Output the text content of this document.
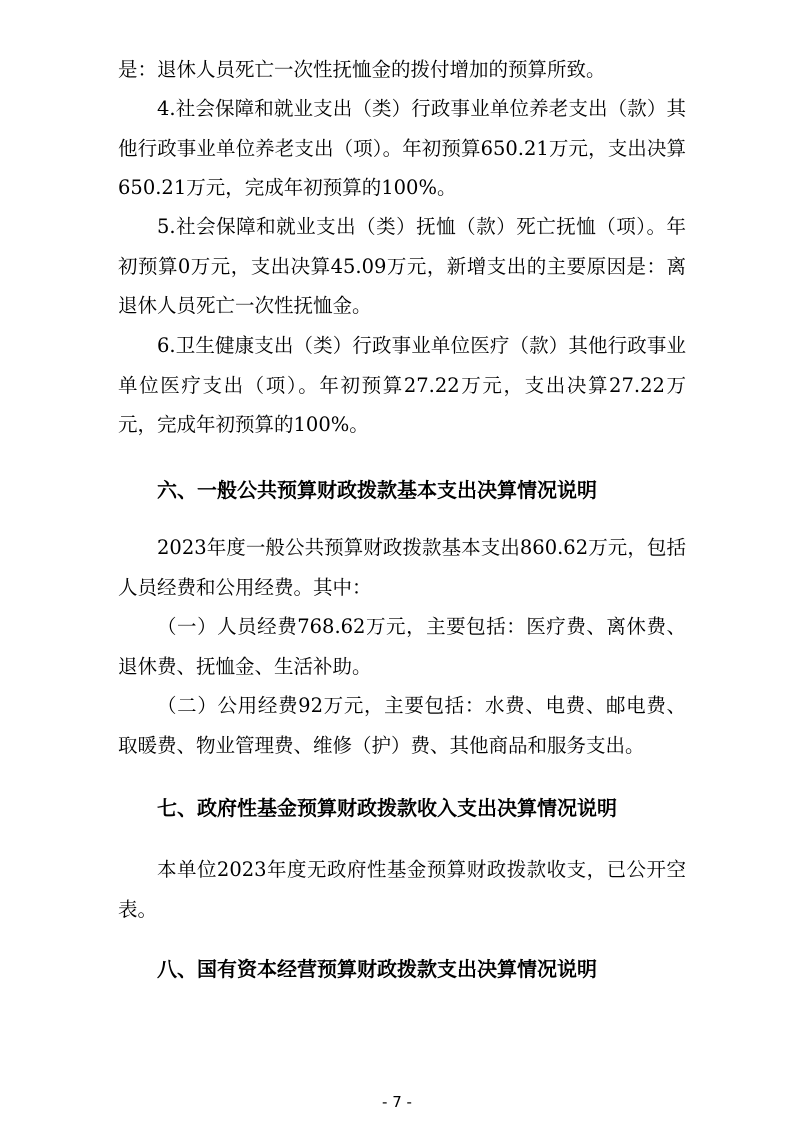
是：退休人员死亡一次性抚恤金的拨付增加的预算所致。

4.社会保障和就业支出（类）行政事业单位养老支出（款）其他行政事业单位养老支出（项）。年初预算650.21万元，支出决算650.21万元，完成年初预算的100%。

5.社会保障和就业支出（类）抚恤（款）死亡抚恤（项）。年初预算0万元，支出决算45.09万元，新增支出的主要原因是：离退休人员死亡一次性抚恤金。

6.卫生健康支出（类）行政事业单位医疗（款）其他行政事业单位医疗支出（项）。年初预算27.22万元，支出决算27.22万元，完成年初预算的100%。

六、一般公共预算财政拨款基本支出决算情况说明

2023年度一般公共预算财政拨款基本支出860.62万元，包括人员经费和公用经费。其中：

（一）人员经费768.62万元，主要包括：医疗费、离休费、退休费、抚恤金、生活补助。

（二）公用经费92万元，主要包括：水费、电费、邮电费、取暖费、物业管理费、维修（护）费、其他商品和服务支出。

七、政府性基金预算财政拨款收入支出决算情况说明

本单位2023年度无政府性基金预算财政拨款收支，已公开空表。

八、国有资本经营预算财政拨款支出决算情况说明
- 7 -
